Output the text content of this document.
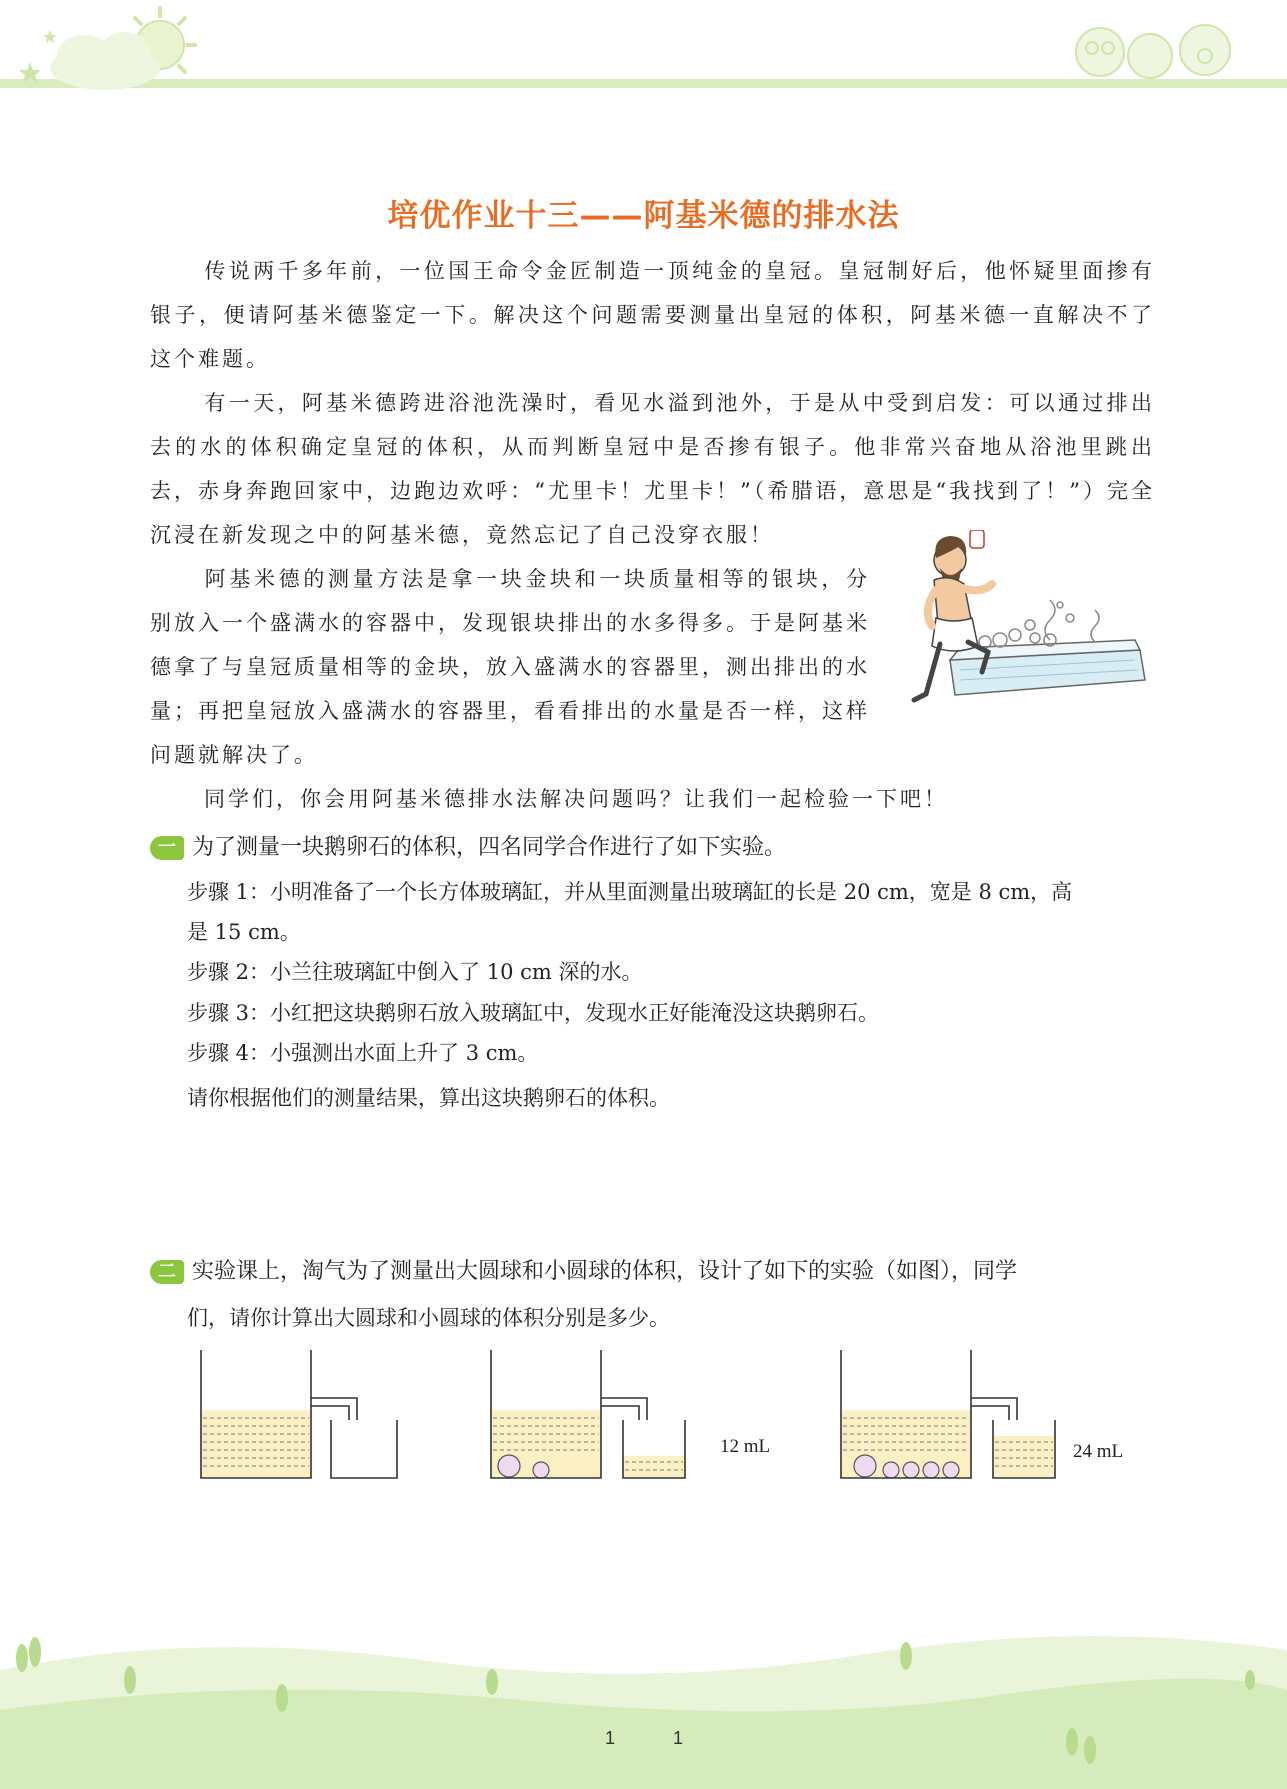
培优作业十三——阿基米德的排水法
传说两千多年前，一位国王命令金匠制造一顶纯金的皇冠。皇冠制好后，他怀疑里面掺有银子，便请阿基米德鉴定一下。解决这个问题需要测量出皇冠的体积，阿基米德一直解决不了这个难题。
有一天，阿基米德跨进浴池洗澡时，看见水溢到池外，于是从中受到启发：可以通过排出去的水的体积确定皇冠的体积，从而判断皇冠中是否掺有银子。他非常兴奋地从浴池里跳出去，赤身奔跑回家中，边跑边欢呼：“尤里卡！尤里卡！”（希腊语，意思是“我找到了！”）完全沉浸在新发现之中的阿基米德，竟然忘记了自己没穿衣服！
阿基米德的测量方法是拿一块金块和一块质量相等的银块，分别放入一个盛满水的容器中，发现银块排出的水多得多。于是阿基米德拿了与皇冠质量相等的金块，放入盛满水的容器里，测出排出的水量；再把皇冠放入盛满水的容器里，看看排出的水量是否一样，这样问题就解决了。
同学们，你会用阿基米德排水法解决问题吗？让我们一起检验一下吧！
一 为了测量一块鹅卵石的体积，四名同学合作进行了如下实验。
步骤 1：小明准备了一个长方体玻璃缸，并从里面测量出玻璃缸的长是 20 cm，宽是 8 cm，高
是 15 cm。
步骤 2：小兰往玻璃缸中倒入了 10 cm 深的水。
步骤 3：小红把这块鹅卵石放入玻璃缸中，发现水正好能淹没这块鹅卵石。
步骤 4：小强测出水面上升了 3 cm。
请你根据他们的测量结果，算出这块鹅卵石的体积。
二 实验课上，淘气为了测量出大圆球和小圆球的体积，设计了如下的实验（如图），同学
们，请你计算出大圆球和小圆球的体积分别是多少。
12 mL	24 mL
1	1
